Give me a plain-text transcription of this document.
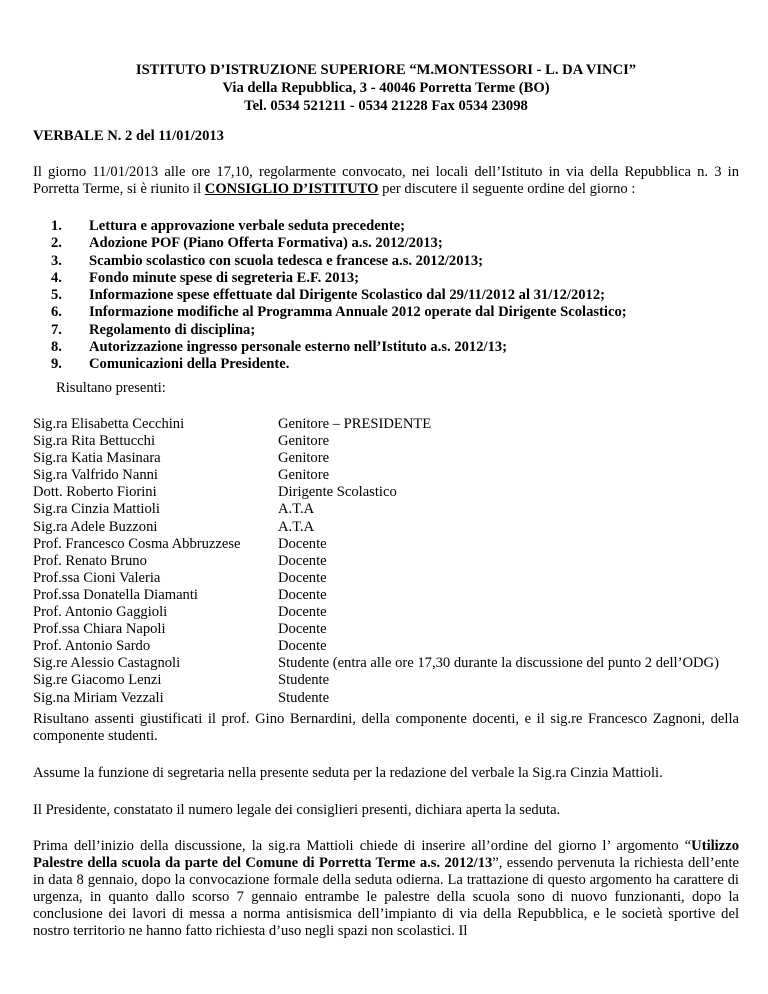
ISTITUTO D’ISTRUZIONE SUPERIORE “M.MONTESSORI - L. DA VINCI”
Via della Repubblica, 3 - 40046 Porretta Terme (BO)
Tel. 0534 521211 - 0534 21228 Fax 0534 23098
VERBALE N. 2 del 11/01/2013
Il giorno 11/01/2013 alle ore 17,10, regolarmente convocato, nei locali dell’Istituto in via della Repubblica n. 3 in Porretta Terme, si è riunito il CONSIGLIO D’ISTITUTO per discutere il seguente ordine del giorno :
1. Lettura e approvazione verbale seduta precedente;
2. Adozione POF (Piano Offerta Formativa) a.s. 2012/2013;
3. Scambio scolastico con scuola tedesca e francese a.s. 2012/2013;
4. Fondo minute spese di segreteria E.F. 2013;
5. Informazione spese effettuate dal Dirigente Scolastico dal 29/11/2012 al 31/12/2012;
6. Informazione modifiche al Programma Annuale 2012 operate dal Dirigente Scolastico;
7. Regolamento di disciplina;
8. Autorizzazione ingresso personale esterno nell’Istituto a.s. 2012/13;
9. Comunicazioni della Presidente.
Risultano presenti:
Sig.ra Elisabetta Cecchini	Genitore – PRESIDENTE
Sig.ra Rita Bettucchi	Genitore
Sig.ra Katia Masinara	Genitore
Sig.ra Valfrido Nanni	Genitore
Dott. Roberto Fiorini	Dirigente Scolastico
Sig.ra Cinzia Mattioli	A.T.A
Sig.ra Adele Buzzoni	A.T.A
Prof. Francesco Cosma Abbruzzese	Docente
Prof. Renato Bruno	Docente
Prof.ssa Cioni Valeria	Docente
Prof.ssa Donatella Diamanti	Docente
Prof. Antonio Gaggioli	Docente
Prof.ssa Chiara Napoli	Docente
Prof. Antonio Sardo	Docente
Sig.re Alessio Castagnoli	Studente (entra alle ore 17,30 durante la discussione del punto 2 dell’ODG)
Sig.re Giacomo Lenzi	Studente
Sig.na Miriam Vezzali	Studente
Risultano assenti giustificati il prof. Gino Bernardini, della componente docenti, e il sig.re Francesco Zagnoni, della componente studenti.
Assume la funzione di segretaria nella presente seduta per la redazione del verbale la Sig.ra Cinzia Mattioli.
Il Presidente, constatato il numero legale dei consiglieri presenti, dichiara aperta la seduta.
Prima dell’inizio della discussione, la sig.ra Mattioli chiede di inserire all’ordine del giorno l’ argomento “Utilizzo Palestre della scuola da parte del Comune di Porretta Terme a.s. 2012/13”, essendo pervenuta la richiesta dell’ente in data 8 gennaio, dopo la convocazione formale della seduta odierna. La trattazione di questo argomento ha carattere di urgenza, in quanto dallo scorso 7 gennaio entrambe le palestre della scuola sono di nuovo funzionanti, dopo la conclusione dei lavori di messa a norma antisismica dell’impianto di via della Repubblica, e le società sportive del nostro territorio ne hanno fatto richiesta d’uso negli spazi non scolastici. Il
